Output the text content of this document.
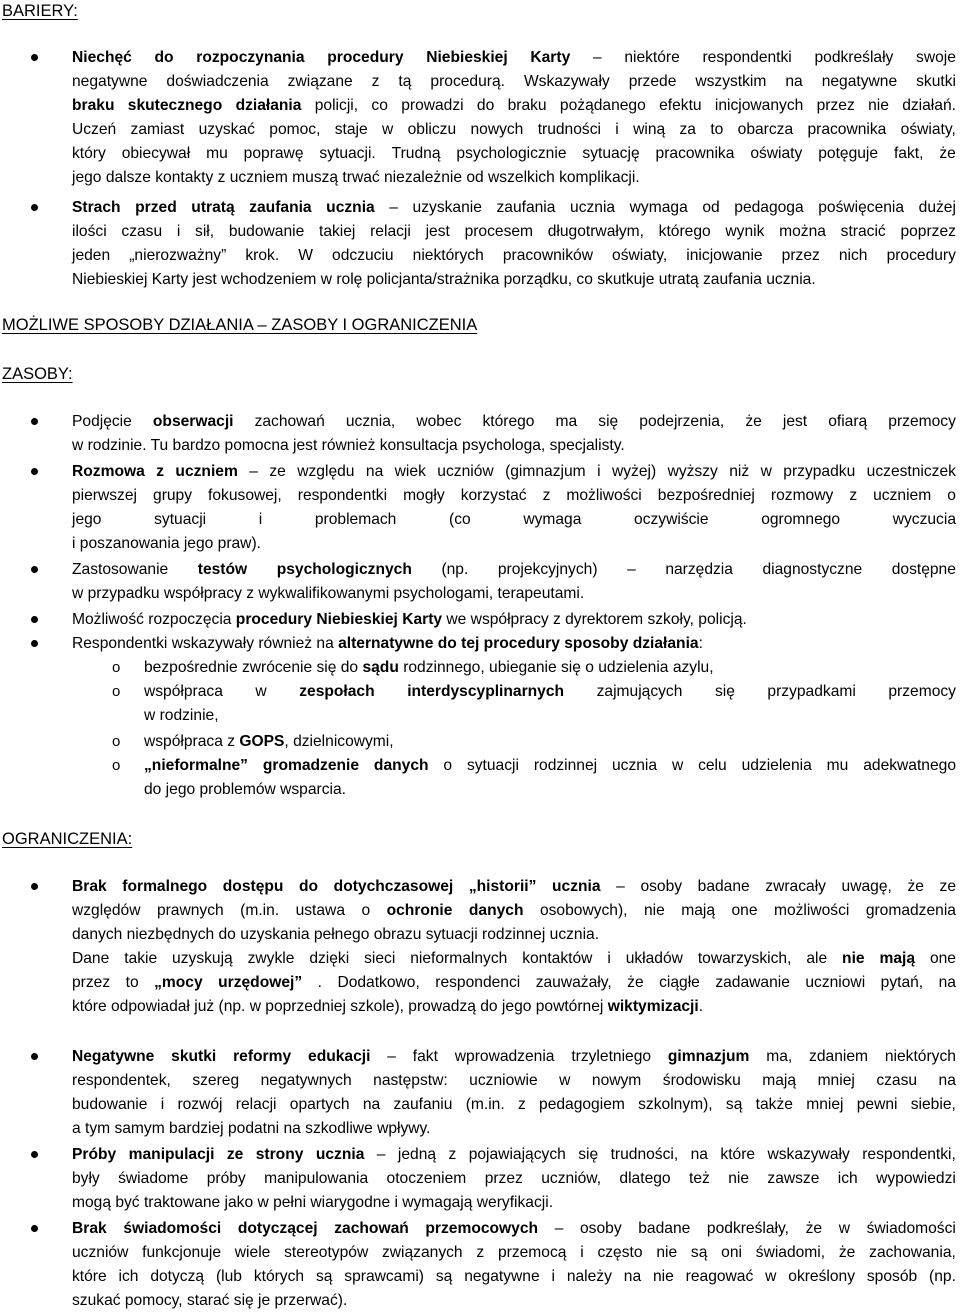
BARIERY:
MOŻLIWE SPOSOBY DZIAŁANIA – ZASOBY I OGRANICZENIA
ZASOBY:
OGRANICZENIA:
Niechęć do rozpoczynania procedury Niebieskiej Karty – niektóre respondentki podkreślały swoje
negatywne doświadczenia związane z tą procedurą. Wskazywały przede wszystkim na negatywne skutki
braku skutecznego działania policji, co prowadzi do braku pożądanego efektu inicjowanych przez nie działań.
Uczeń zamiast uzyskać pomoc, staje w obliczu nowych trudności i winą za to obarcza pracownika oświaty,
który obiecywał mu poprawę sytuacji. Trudną psychologicznie sytuację pracownika oświaty potęguje fakt, że
jego dalsze kontakty z uczniem muszą trwać niezależnie od wszelkich komplikacji.
Strach przed utratą zaufania ucznia – uzyskanie zaufania ucznia wymaga od pedagoga poświęcenia dużej
ilości czasu i sił, budowanie takiej relacji jest procesem długotrwałym, którego wynik można stracić poprzez
jeden „nierozważny” krok. W odczuciu niektórych pracowników oświaty, inicjowanie przez nich procedury
Niebieskiej Karty jest wchodzeniem w rolę policjanta/strażnika porządku, co skutkuje utratą zaufania ucznia.
Podjęcie obserwacji zachowań ucznia, wobec którego ma się podejrzenia, że jest ofiarą przemocy
w rodzinie. Tu bardzo pomocna jest również konsultacja psychologa, specjalisty.
Rozmowa z uczniem – ze względu na wiek uczniów (gimnazjum i wyżej) wyższy niż w przypadku uczestniczek
pierwszej grupy fokusowej, respondentki mogły korzystać z możliwości bezpośredniej rozmowy z uczniem o
jego	sytuacji	i	problemach	(co	wymaga	oczywiście	ogromnego	wyczucia
i poszanowania jego praw).
Zastosowanie testów psychologicznych (np. projekcyjnych) – narzędzia diagnostyczne dostępne
w przypadku współpracy z wykwalifikowanymi psychologami, terapeutami.
Możliwość rozpoczęcia procedury Niebieskiej Karty we współpracy z dyrektorem szkoły, policją.
Respondentki wskazywały również na alternatywne do tej procedury sposoby działania:
o bezpośrednie zwrócenie się do sądu rodzinnego, ubieganie się o udzielenia azylu,
o współpraca w zespołach interdyscyplinarnych zajmujących się przypadkami przemocy
w rodzinie,
o współpraca z GOPS, dzielnicowymi,
o „nieformalne” gromadzenie danych o sytuacji rodzinnej ucznia w celu udzielenia mu adekwatnego
do jego problemów wsparcia.
Brak formalnego dostępu do dotychczasowej „historii” ucznia – osoby badane zwracały uwagę, że ze
względów prawnych (m.in. ustawa o ochronie danych osobowych), nie mają one możliwości gromadzenia
danych niezbędnych do uzyskania pełnego obrazu sytuacji rodzinnej ucznia.
Dane takie uzyskują zwykle dzięki sieci nieformalnych kontaktów i układów towarzyskich, ale nie mają one
przez to „mocy urzędowej” . Dodatkowo, respondenci zauważały, że ciągłe zadawanie uczniowi pytań, na
które odpowiadał już (np. w poprzedniej szkole), prowadzą do jego powtórnej wiktymizacji.
Negatywne skutki reformy edukacji – fakt wprowadzenia trzyletniego gimnazjum ma, zdaniem niektórych
respondentek, szereg negatywnych następstw: uczniowie w nowym środowisku mają mniej czasu na
budowanie i rozwój relacji opartych na zaufaniu (m.in. z pedagogiem szkolnym), są także mniej pewni siebie,
a tym samym bardziej podatni na szkodliwe wpływy.
Próby manipulacji ze strony ucznia – jedną z pojawiających się trudności, na które wskazywały respondentki,
były świadome próby manipulowania otoczeniem przez uczniów, dlatego też nie zawsze ich wypowiedzi
mogą być traktowane jako w pełni wiarygodne i wymagają weryfikacji.
Brak świadomości dotyczącej zachowań przemocowych – osoby badane podkreślały, że w świadomości
uczniów funkcjonuje wiele stereotypów związanych z przemocą i często nie są oni świadomi, że zachowania,
które ich dotyczą (lub których są sprawcami) są negatywne i należy na nie reagować w określony sposób (np.
szukać pomocy, starać się je przerwać).
